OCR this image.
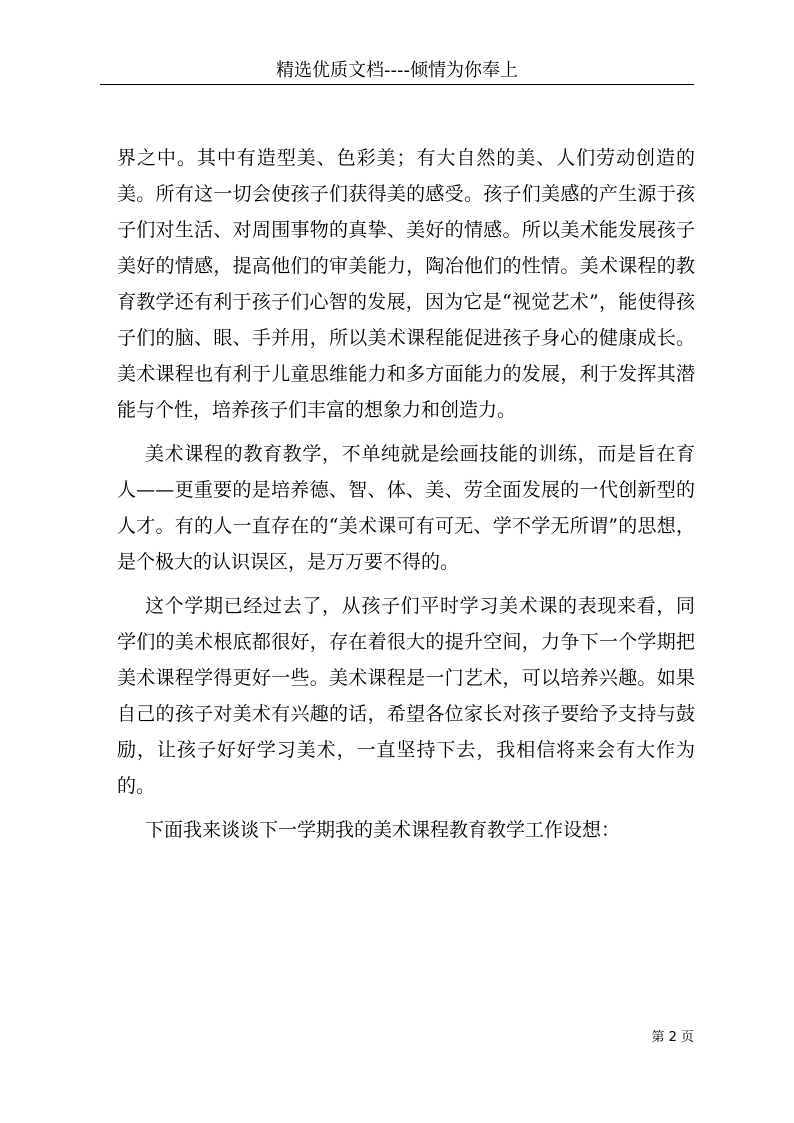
精选优质文档----倾情为你奉上

界之中。其中有造型美、色彩美；有大自然的美、人们劳动创造的美。所有这一切会使孩子们获得美的感受。孩子们美感的产生源于孩子们对生活、对周围事物的真挚、美好的情感。所以美术能发展孩子美好的情感，提高他们的审美能力，陶冶他们的性情。美术课程的教育教学还有利于孩子们心智的发展，因为它是“视觉艺术”，能使得孩子们的脑、眼、手并用，所以美术课程能促进孩子身心的健康成长。美术课程也有利于儿童思维能力和多方面能力的发展，利于发挥其潜能与个性，培养孩子们丰富的想象力和创造力。

美术课程的教育教学，不单纯就是绘画技能的训练，而是旨在育人——更重要的是培养德、智、体、美、劳全面发展的一代创新型的人才。有的人一直存在的“美术课可有可无、学不学无所谓”的思想，是个极大的认识误区，是万万要不得的。

这个学期已经过去了，从孩子们平时学习美术课的表现来看，同学们的美术根底都很好，存在着很大的提升空间，力争下一个学期把美术课程学得更好一些。美术课程是一门艺术，可以培养兴趣。如果自己的孩子对美术有兴趣的话，希望各位家长对孩子要给予支持与鼓励，让孩子好好学习美术，一直坚持下去，我相信将来会有大作为的。

下面我来谈谈下一学期我的美术课程教育教学工作设想：

第 2 页
